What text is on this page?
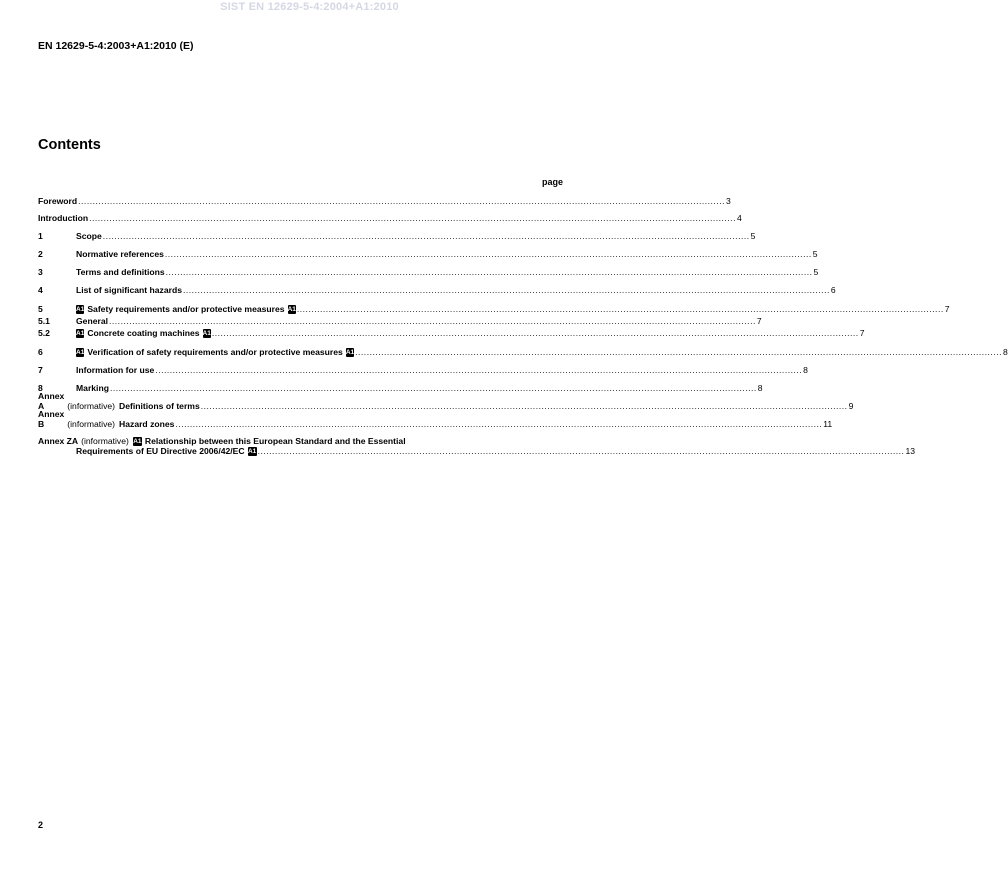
SIST EN 12629-5-4:2004+A1:2010
EN 12629-5-4:2003+A1:2010 (E)
Contents
page
Foreword .....	3
Introduction .....	4
1	Scope .....	5
2	Normative references .....	5
3	Terms and definitions .....	5
4	List of significant hazards .....	6
5	A1 Safety requirements and/or protective measures A1 .....	7
5.1	General .....	7
5.2	A1 Concrete coating machines A1 .....	7
6	A1 Verification of safety requirements and/or protective measures A1 .....	8
7	Information for use .....	8
8	Marking .....	8
Annex A	(informative) Definitions of terms .....	9
Annex B	(informative) Hazard zones .....	11
Annex ZA (informative) A1 Relationship between this European Standard and the Essential
Requirements of EU Directive 2006/42/EC A1 .....	13
2
